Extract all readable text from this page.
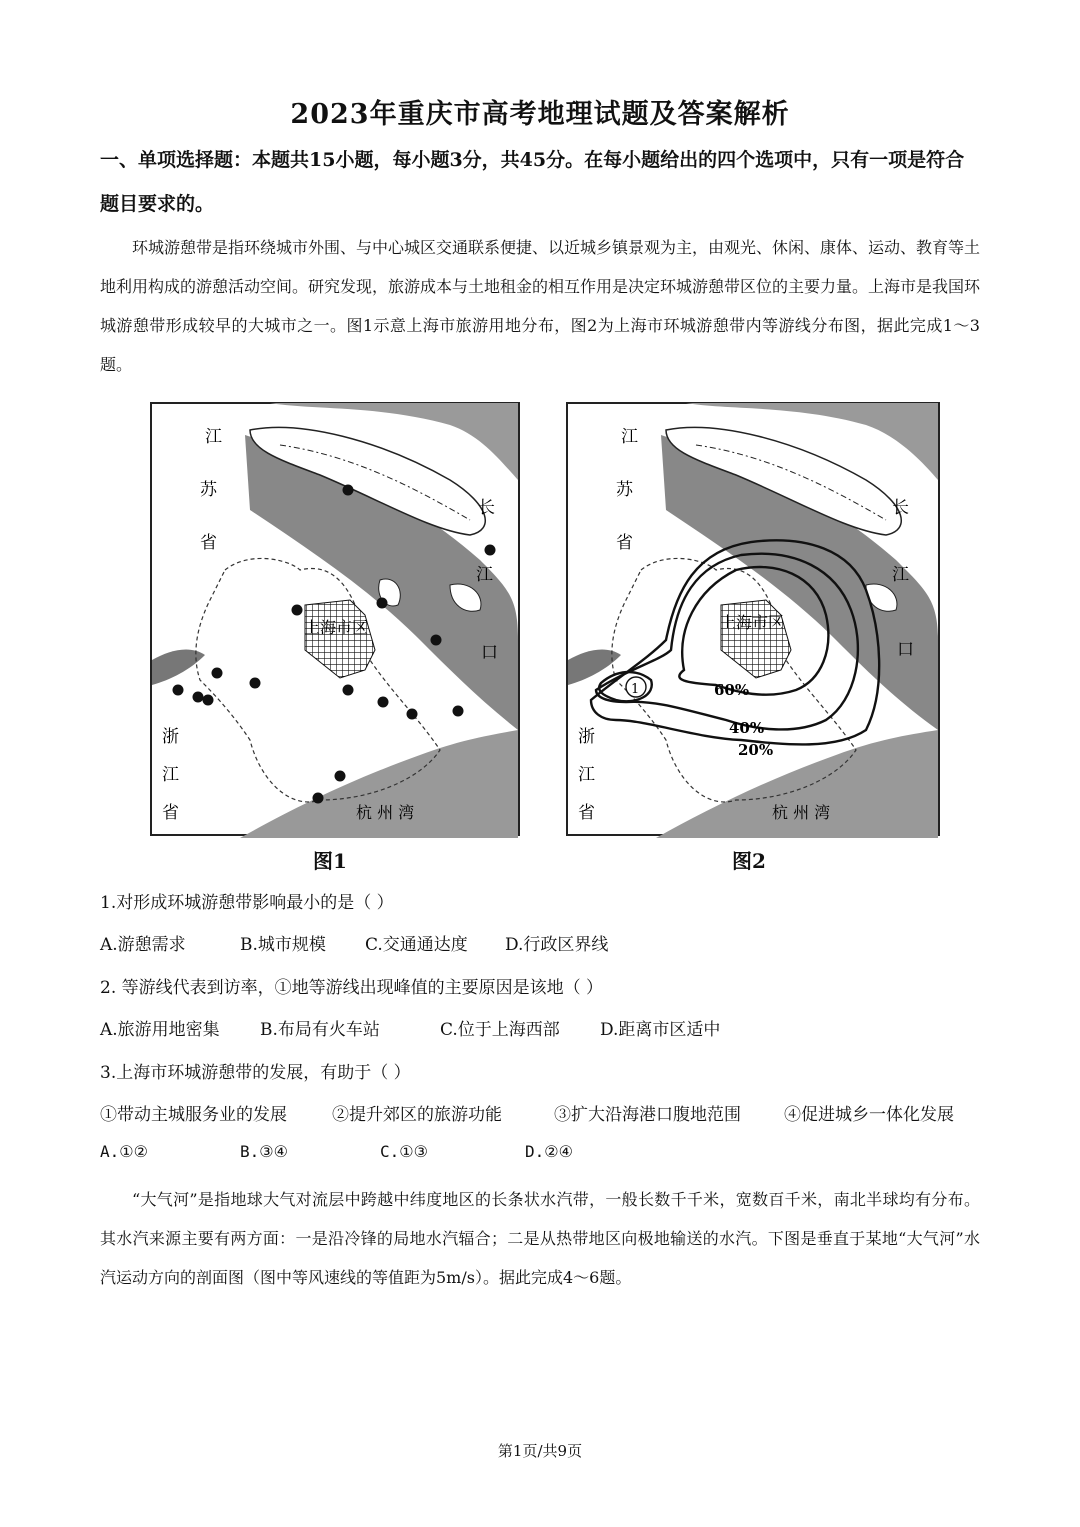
2023年重庆市高考地理试题及答案解析
一、单项选择题：本题共15小题，每小题3分，共45分。在每小题给出的四个选项中，只有一项是符合题目要求的。
环城游憩带是指环绕城市外围、与中心城区交通联系便捷、以近城乡镇景观为主，由观光、休闲、康体、运动、教育等土地利用构成的游憩活动空间。研究发现，旅游成本与土地租金的相互作用是决定环城游憩带区位的主要力量。上海市是我国环城游憩带形成较早的大城市之一。图1示意上海市旅游用地分布，图2为上海市环城游憩带内等游线分布图，据此完成1～3题。
江
苏
省
长
江
口
上海市区
浙
江
省	杭 州 湾
图1
1
江
苏
省
长
江
口
上海市区
60%
40%
20%
浙
江
省	杭 州 湾
图2
1.对形成环城游憩带影响最小的是（ ）
A.游憩需求	B.城市规模 C.交通通达度 D.行政区界线
2. 等游线代表到访率，①地等游线出现峰值的主要原因是该地（ ）
A.旅游用地密集 B.布局有火车站	C.位于上海西部 D.距离市区适中
3.上海市环城游憩带的发展，有助于（ ）
①带动主城服务业的发展	②提升郊区的旅游功能	③扩大沿海港口腹地范围	④促进城乡一体化发展
A.①②	B.③④	C.①③	D.②④
“大气河”是指地球大气对流层中跨越中纬度地区的长条状水汽带，一般长数千千米，宽数百千米，南北半球均有分布。其水汽来源主要有两方面：一是沿冷锋的局地水汽辐合；二是从热带地区向极地输送的水汽。下图是垂直于某地“大气河”水汽运动方向的剖面图（图中等风速线的等值距为5m/s）。据此完成4～6题。
第1页/共9页
